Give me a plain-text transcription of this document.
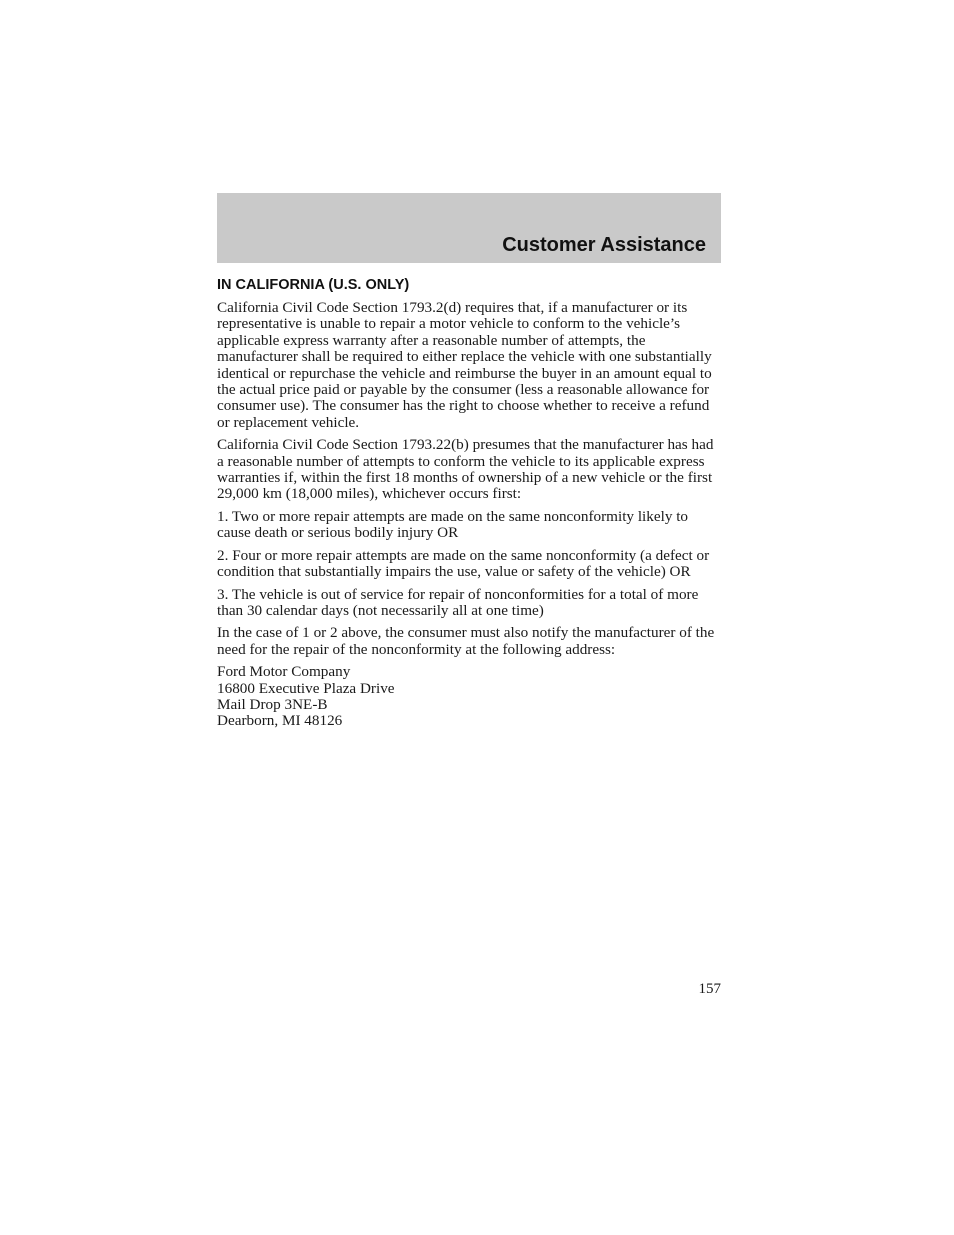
Customer Assistance
IN CALIFORNIA (U.S. ONLY)

California Civil Code Section 1793.2(d) requires that, if a manufacturer or its representative is unable to repair a motor vehicle to conform to the vehicle’s applicable express warranty after a reasonable number of attempts, the manufacturer shall be required to either replace the vehicle with one substantially identical or repurchase the vehicle and reimburse the buyer in an amount equal to the actual price paid or payable by the consumer (less a reasonable allowance for consumer use). The consumer has the right to choose whether to receive a refund or replacement vehicle.

California Civil Code Section 1793.22(b) presumes that the manufacturer has had a reasonable number of attempts to conform the vehicle to its applicable express warranties if, within the first 18 months of ownership of a new vehicle or the first 29,000 km (18,000 miles), whichever occurs first:

1. Two or more repair attempts are made on the same nonconformity likely to cause death or serious bodily injury OR

2. Four or more repair attempts are made on the same nonconformity (a defect or condition that substantially impairs the use, value or safety of the vehicle) OR

3. The vehicle is out of service for repair of nonconformities for a total of more than 30 calendar days (not necessarily all at one time)

In the case of 1 or 2 above, the consumer must also notify the manufacturer of the need for the repair of the nonconformity at the following address:

Ford Motor Company
16800 Executive Plaza Drive
Mail Drop 3NE-B
Dearborn, MI 48126
157
